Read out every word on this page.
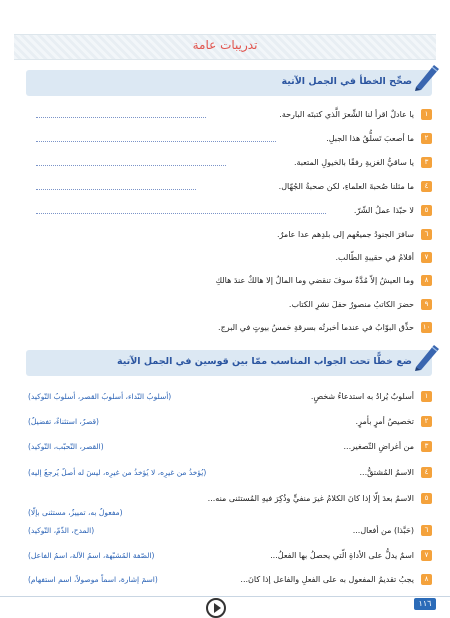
تدريبات عامة
صحِّح الخطأ في الجمل الآتية
١
يا عادلٌ اقرأ لنا الشِّعرَ الَّذي كتبتَه البارحة.
٢
ما أصعبَ تَسلُّقُ هذا الجبلِ.
٣
يا ساقيُّ الغزيةِ رفقًا بالخيولِ المتعبة.
٤
ما مثلنا صُحبةَ العلماءِ، لكن صحبةُ الجُهّال.
٥
لا حبّذا عملُ الشّرّ.
٦
سافرَ الجنودُ جميعُهم إلى بلدِهم عدا عامرٌ.
٧
أقلامُ في حقيبةِ الطّالب.
٨
وما العيشُ إلاّ مُدَّةٌ سوفَ تنقضي وما المالُ إلا هالكٌ عندَ هالكِ
٩
حضرَ الكاتبُ منصورٌ حفلَ نشرِ الكتاب.
١٠
حذِّق البوّابُ في عندما أخبرتُه بسرقةِ خمسُ بيوتٍ في البرج.
ضع خطًّا تحت الجواب المناسب ممّا بين قوسين في الجمل الآتية
١
أسلوبٌ يُرادُ به استدعاءُ شخصٍ.
(أسلوبُ النّداء، أسلوبُ القصر، أسلوبُ التّوكيد)
٢
تخصيصُ أمرٍ بأمرٍ.
(قصرٌ، استثناءٌ، تفضيلٌ)
٣
من أغراضِ التّصغير...
(القصر، التّحبّب، التّوكيد)
٤
الاسمُ المُشتقُّ...
(يُؤخذُ من غيرِه، لا يُؤخذُ من غيرِه، ليسَ له أصلٌ يُرجعُ إليه)
٥
الاسمُ بعدَ إلّا إذا كانَ الكلامُ غيرَ منفيٍّ وذُكِرَ فيهِ المُستثنى منه...
(مفعولٌ به، تمييزٌ، مستثنى بإلّا)
٦
(حَبَّذا) من أفعال...
(المدح، الذّمّ، التّوكيد)
٧
اسمٌ يدلُّ على الأداةِ الّتي يحصلُ بها الفعلُ...
(الصّفة المُشبّهة، اسمُ الآلة، اسمُ الفاعل)
٨
يجبُ تقديمُ المفعول به على الفعلِ والفاعل إذا كانَ...
(اسمَ إشارة، اسماً موصولاً، اسم استفهام)
١١٦
